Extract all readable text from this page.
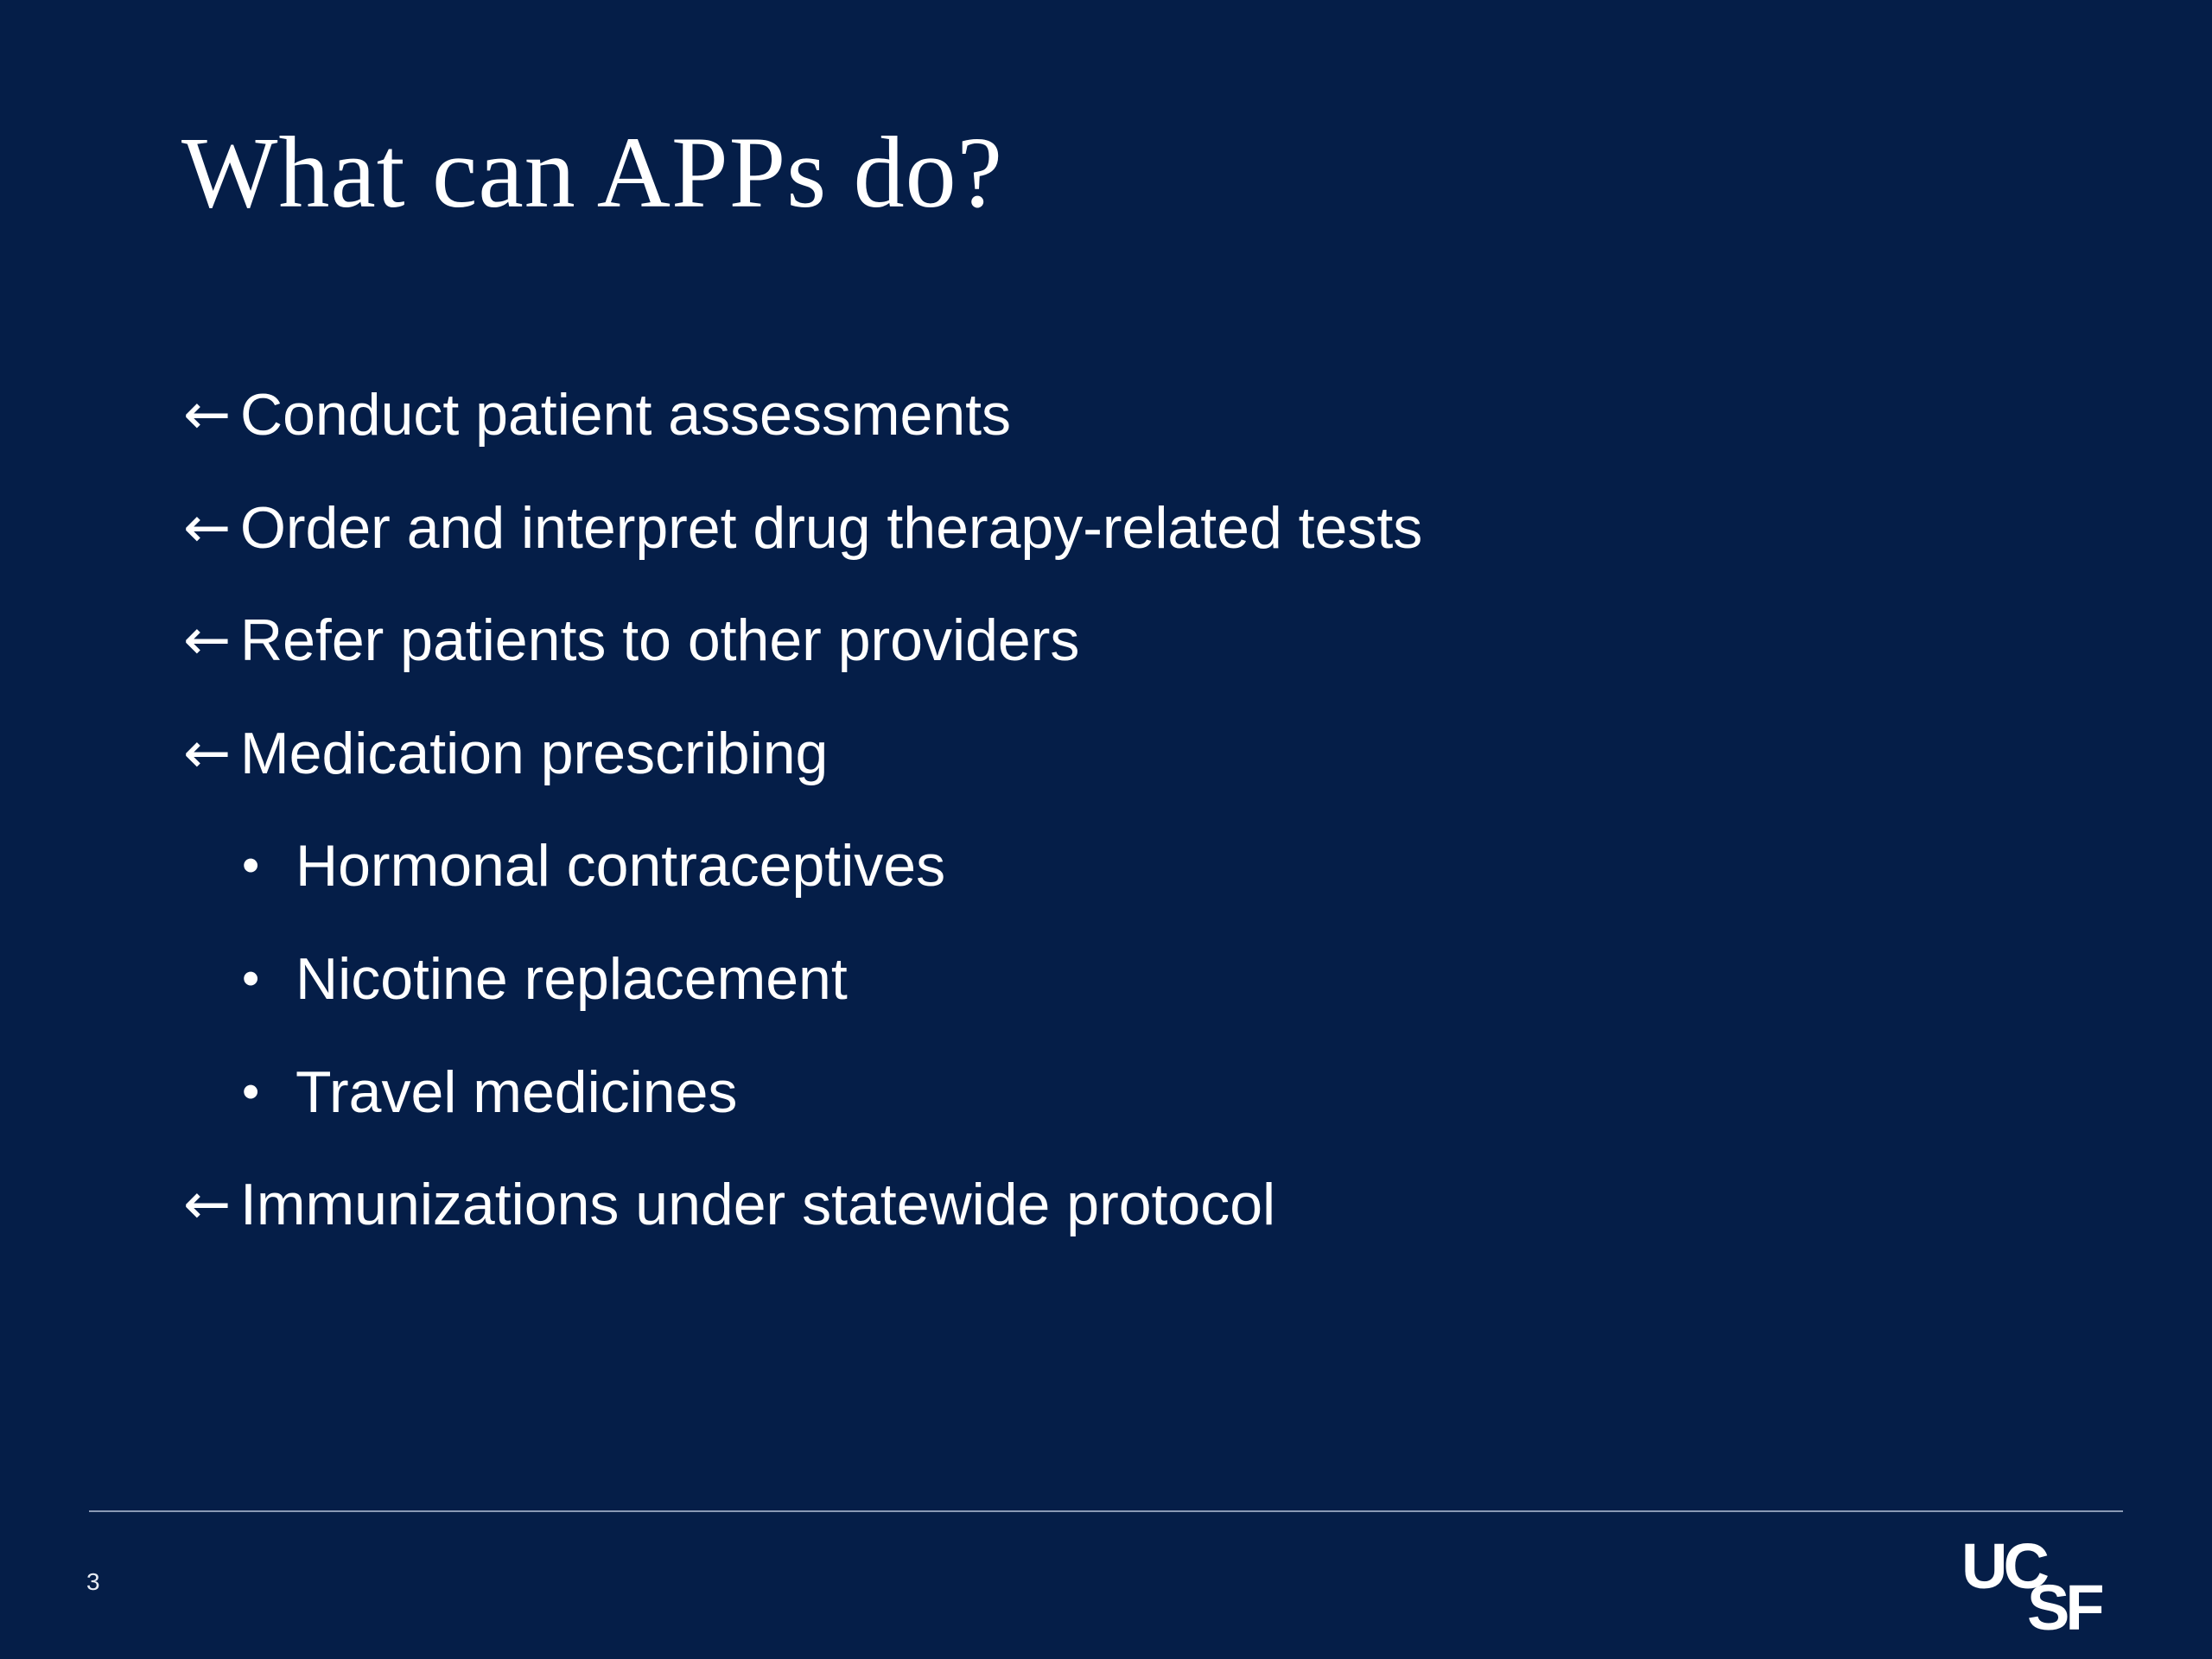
What can APPs do?
← Conduct patient assessments
← Order and interpret drug therapy-related tests
← Refer patients to other providers
← Medication prescribing
• Hormonal contraceptives
• Nicotine replacement
• Travel medicines
← Immunizations under statewide protocol
3	UC
SF
